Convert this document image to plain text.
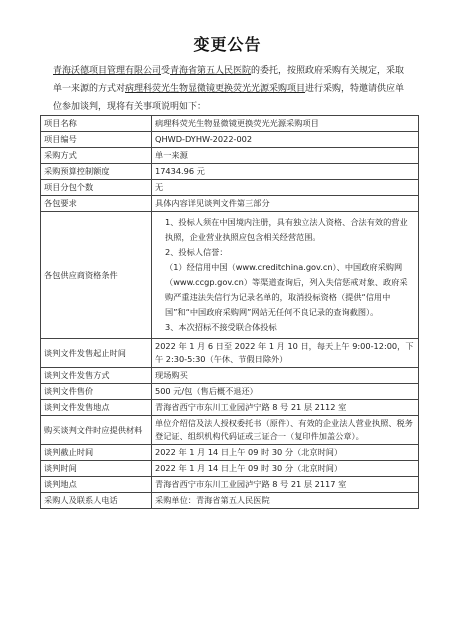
变更公告
青海沃德项目管理有限公司受青海省第五人民医院的委托，按照政府采购有关规定，采取单一来源的方式对病理科荧光生物显微镜更换荧光光源采购项目进行采购，特邀请供应单位参加谈判，现将有关事项说明如下：
项目名称	病理科荧光生物显微镜更换荧光光源采购项目
项目编号	QHWD-DYHW-2022-002
采购方式	单一来源
采购预算控制额度	17434.96 元
项目分包个数	无
各包要求	具体内容详见谈判文件第三部分
各包供应商资格条件	1、投标人须在中国境内注册，具有独立法人资格、合法有效的营业执照，企业营业执照应包含相关经营范围。
2、投标人信誉：
（1）经信用中国（www.creditchina.gov.cn）、中国政府采购网（www.ccgp.gov.cn）等渠道查询后，列入失信惩戒对象、政府采购严重违法失信行为记录名单的，取消投标资格（提供“信用中国”和“中国政府采购网”网站无任何不良记录的查询截图）。
3、本次招标不接受联合体投标

谈判文件发售起止时间	2022 年 1 月 6 日至 2022 年 1 月 10 日，每天上午 9:00-12:00，下午 2:30-5:30（午休、节假日除外）
谈判文件发售方式	现场购买
谈判文件售价	500 元/包（售后概不退还）
谈判文件发售地点	青海省西宁市东川工业园泸宁路 8 号 21 层 2112 室
购买谈判文件时应提供材料	单位介绍信及法人授权委托书（原件）、有效的企业法人营业执照、税务登记证、组织机构代码证或三证合一（复印件加盖公章）。
谈判截止时间	2022 年 1 月 14 日上午 09 时 30 分（北京时间）
谈判时间	2022 年 1 月 14 日上午 09 时 30 分（北京时间）
谈判地点	青海省西宁市东川工业园泸宁路 8 号 21 层 2117 室
采购人及联系人电话	采购单位：青海省第五人民医院
